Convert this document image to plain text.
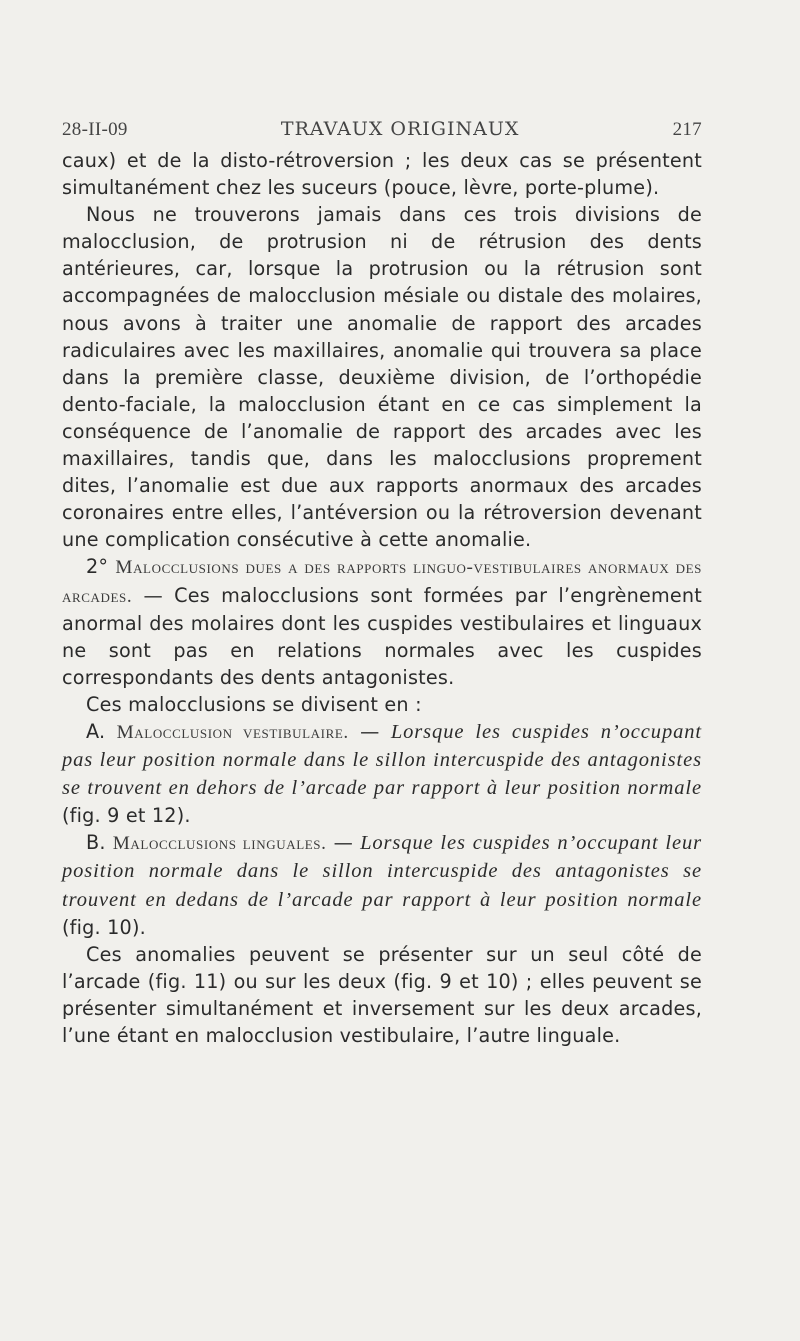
28-II-09	TRAVAUX ORIGINAUX	217

caux) et de la disto-rétroversion ; les deux cas se présentent simultanément chez les suceurs (pouce, lèvre, porte-plume).

Nous ne trouverons jamais dans ces trois divisions de malocclusion, de protrusion ni de rétrusion des dents antérieures, car, lorsque la protrusion ou la rétrusion sont accompagnées de malocclusion mésiale ou distale des molaires, nous avons à traiter une anomalie de rapport des arcades radiculaires avec les maxillaires, anomalie qui trouvera sa place dans la première classe, deuxième division, de l’orthopédie dento-faciale, la malocclusion étant en ce cas simplement la conséquence de l’anomalie de rapport des arcades avec les maxillaires, tandis que, dans les malocclusions proprement dites, l’anomalie est due aux rapports anormaux des arcades coronaires entre elles, l’antéversion ou la rétroversion devenant une complication consécutive à cette anomalie.

2° Malocclusions dues a des rapports linguo-vestibulaires anormaux des arcades. — Ces malocclusions sont formées par l’engrènement anormal des molaires dont les cuspides vestibulaires et linguaux ne sont pas en relations normales avec les cuspides correspondants des dents antagonistes.

Ces malocclusions se divisent en :

A. Malocclusion vestibulaire. — Lorsque les cuspides n’occupant pas leur position normale dans le sillon intercuspide des antagonistes se trouvent en dehors de l’arcade par rapport à leur position normale (fig. 9 et 12).

B. Malocclusions linguales. — Lorsque les cuspides n’occupant leur position normale dans le sillon intercuspide des antagonistes se trouvent en dedans de l’arcade par rapport à leur position normale (fig. 10).

Ces anomalies peuvent se présenter sur un seul côté de l’arcade (fig. 11) ou sur les deux (fig. 9 et 10) ; elles peuvent se présenter simultanément et inversement sur les deux arcades, l’une étant en malocclusion vestibulaire, l’autre linguale.
